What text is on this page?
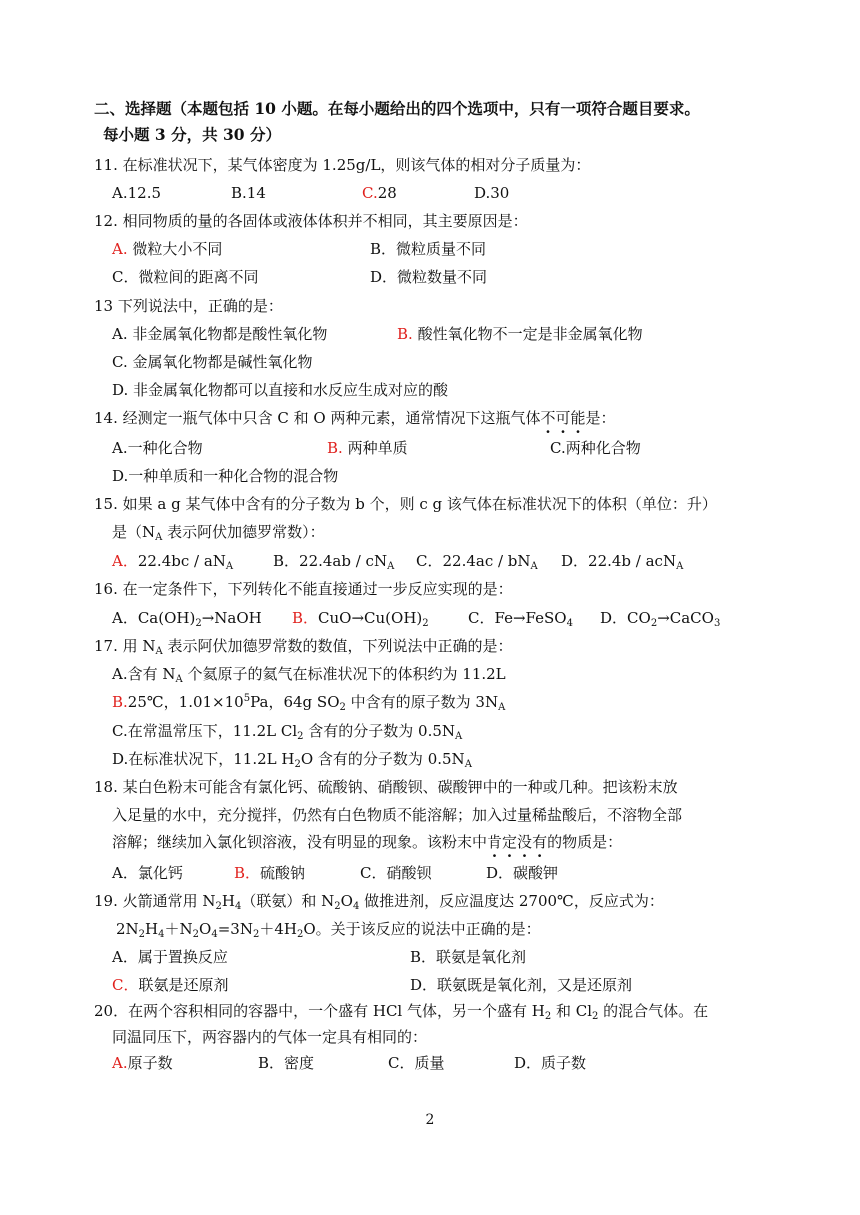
二、选择题（本题包括 10 小题。在每小题给出的四个选项中，只有一项符合题目要求。
每小题 3 分，共 30 分）
11. 在标准状况下，某气体密度为 1.25g/L，则该气体的相对分子质量为：
A.12.5	B.14	C.28	D.30
12. 相同物质的量的各固体或液体体积并不相同，其主要原因是：
A. 微粒大小不同	B．微粒质量不同
C．微粒间的距离不同	D．微粒数量不同
13 下列说法中，正确的是：
A. 非金属氧化物都是酸性氧化物	B. 酸性氧化物不一定是非金属氧化物
C. 金属氧化物都是碱性氧化物
D. 非金属氧化物都可以直接和水反应生成对应的酸
14. 经测定一瓶气体中只含 C 和 O 两种元素，通常情况下这瓶气体不可能是：
A.一种化合物	B. 两种单质	C.两种化合物
D.一种单质和一种化合物的混合物
15. 如果 a g 某气体中含有的分子数为 b 个，则 c g 该气体在标准状况下的体积（单位：升）
是（$N_A$ 表示阿伏加德罗常数）：
A．$22.4bc / aN_A$	B．$22.4ab / cN_A$ C．$22.4ac / bN_A$ D．22.4b / acN$_A$
16. 在一定条件下，下列转化不能直接通过一步反应实现的是：
A．$Ca(OH)_2\to NaOH$ B．$CuO\to Cu(OH)_2$	C．Fe→FeSO$_4$ D．$CO_2\to CaCO_3$
17. 用 $N_A$ 表示阿伏加德罗常数的数值，下列说法中正确的是：
A.含有 $N_A$ 个氦原子的氦气在标准状况下的体积约为 11.2L
B.25℃，$1.01\times 10^5Pa$，64g $SO_2$ 中含有的原子数为 $3N_A$
C.在常温常压下，11.2L $Cl_2$ 含有的分子数为 $0.5N_A$
D.在标准状况下，11.2L $H_2O$ 含有的分子数为 $0.5N_A$
18. 某白色粉末可能含有氯化钙、硫酸钠、硝酸钡、碳酸钾中的一种或几种。把该粉末放
入足量的水中，充分搅拌，仍然有白色物质不能溶解；加入过量稀盐酸后，不溶物全部
溶解；继续加入氯化钡溶液，没有明显的现象。该粉末中肯定没有的物质是：
A．氯化钙	B．硫酸钠	C．硝酸钡	D．碳酸钾
19. 火箭通常用 $N_2H_4$（联氨）和 $N_2O_4$ 做推进剂，反应温度达 2700℃，反应式为：
$2N_2H_4+N_2O_4=3N_2+4H_2O$。关于该反应的说法中正确的是：
A．属于置换反应	B．联氨是氧化剂
C．联氨是还原剂	D．联氨既是氧化剂，又是还原剂
20．在两个容积相同的容器中，一个盛有 HCl 气体，另一个盛有 $H_2$ 和 $Cl_2$ 的混合气体。在
同温同压下，两容器内的气体一定具有相同的：
A.原子数	B．密度	C．质量	D．质子数
2
